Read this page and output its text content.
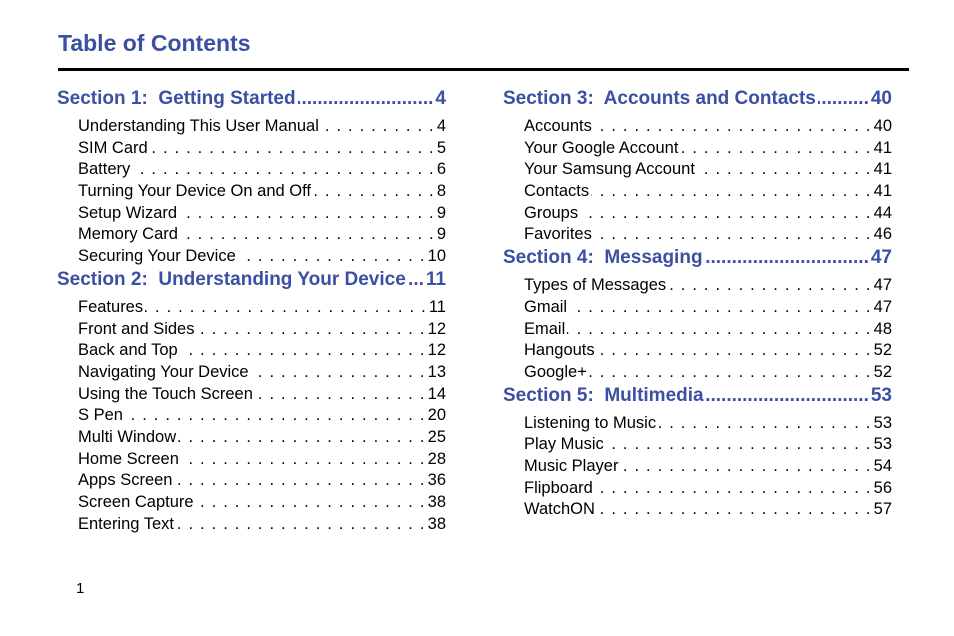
Table of Contents
Section 1:  Getting Started .....	4
Understanding This User Manual . . .	4
SIM Card . . .	5
Battery . . .	6
Turning Your Device On and Off . . .	8
Setup Wizard . . .	9
Memory Card . . .	9
Securing Your Device . . .	10
Section 2:  Understanding Your Device ..... 11
Features . . .	11
Front and Sides . . .	12
Back and Top . . .	12
Navigating Your Device . . .	13
Using the Touch Screen . . .	14
S Pen . . .	20
Multi Window . . .	25
Home Screen . . .	28
Apps Screen . . .	36
Screen Capture . . .	38
Entering Text . . .	38
Section 3:  Accounts and Contacts .....	40
Accounts . . .	40
Your Google Account . . .	41
Your Samsung Account . . .	41
Contacts . . .	41
Groups . . .	44
Favorites . . .	46
Section 4:  Messaging .....	47
Types of Messages . . .	47
Gmail . . .	47
Email . . .	48
Hangouts . . .	52
Google+ . . .	52
Section 5:  Multimedia .....	53
Listening to Music . . .	53
Play Music . . .	53
Music Player . . .	54
Flipboard . . .	56
WatchON . . .	57
1
